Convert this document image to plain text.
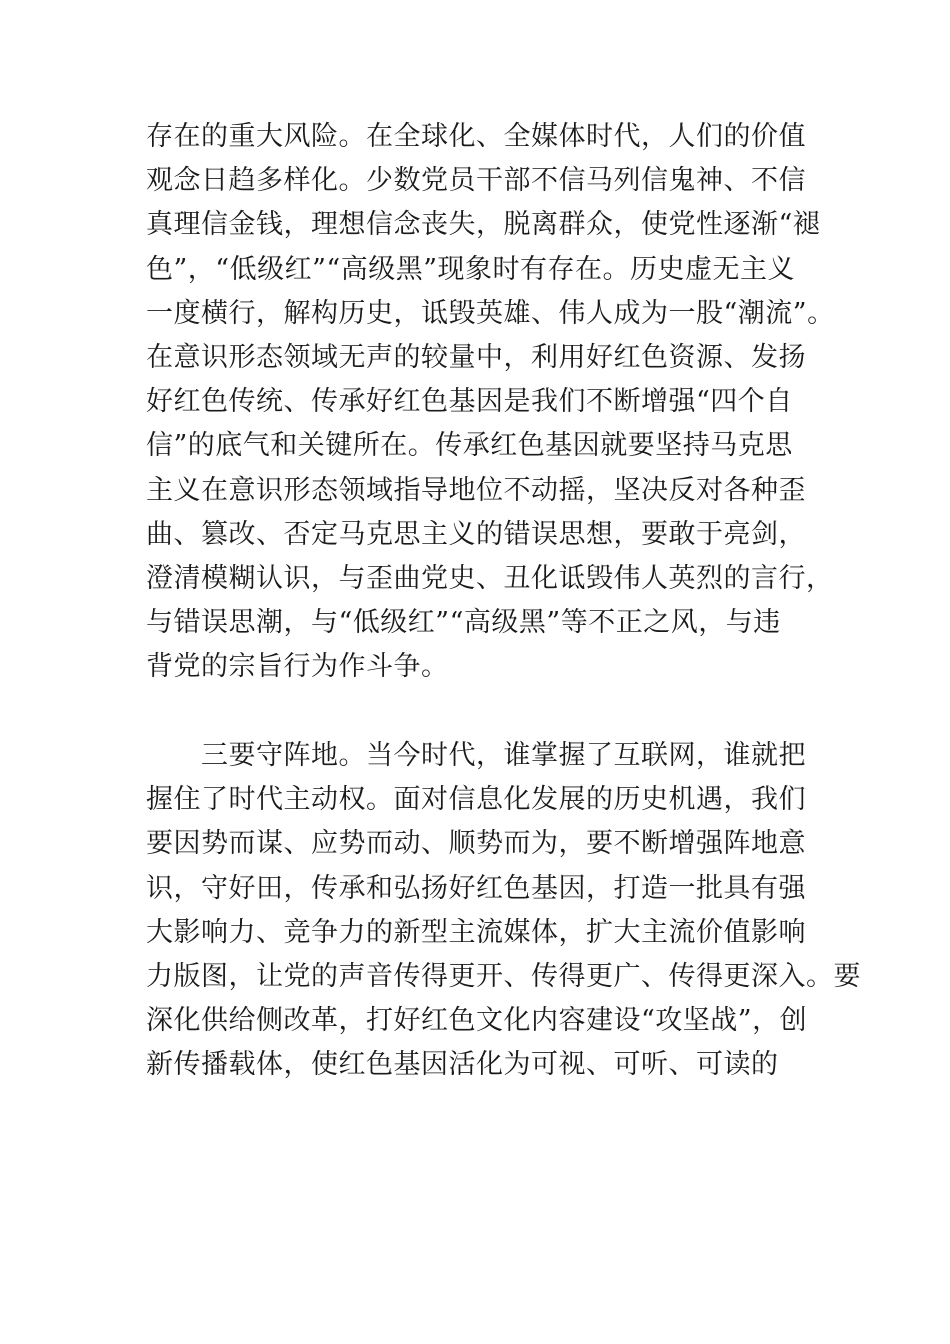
存在的重大风险。在全球化、全媒体时代，人们的价值
观念日趋多样化。少数党员干部不信马列信鬼神、不信
真理信金钱，理想信念丧失，脱离群众，使党性逐渐“褪
色”，“低级红”“高级黑”现象时有存在。历史虚无主义
一度横行，解构历史，诋毁英雄、伟人成为一股“潮流”。
在意识形态领域无声的较量中，利用好红色资源、发扬
好红色传统、传承好红色基因是我们不断增强“四个自
信”的底气和关键所在。传承红色基因就要坚持马克思
主义在意识形态领域指导地位不动摇，坚决反对各种歪
曲、篡改、否定马克思主义的错误思想，要敢于亮剑，
澄清模糊认识，与歪曲党史、丑化诋毁伟人英烈的言行，
与错误思潮，与“低级红”“高级黑”等不正之风，与违
背党的宗旨行为作斗争。
　　三要守阵地。当今时代，谁掌握了互联网，谁就把
握住了时代主动权。面对信息化发展的历史机遇，我们
要因势而谋、应势而动、顺势而为，要不断增强阵地意
识，守好田，传承和弘扬好红色基因，打造一批具有强
大影响力、竞争力的新型主流媒体，扩大主流价值影响
力版图，让党的声音传得更开、传得更广、传得更深入。要
深化供给侧改革，打好红色文化内容建设“攻坚战”，创
新传播载体，使红色基因活化为可视、可听、可读的
